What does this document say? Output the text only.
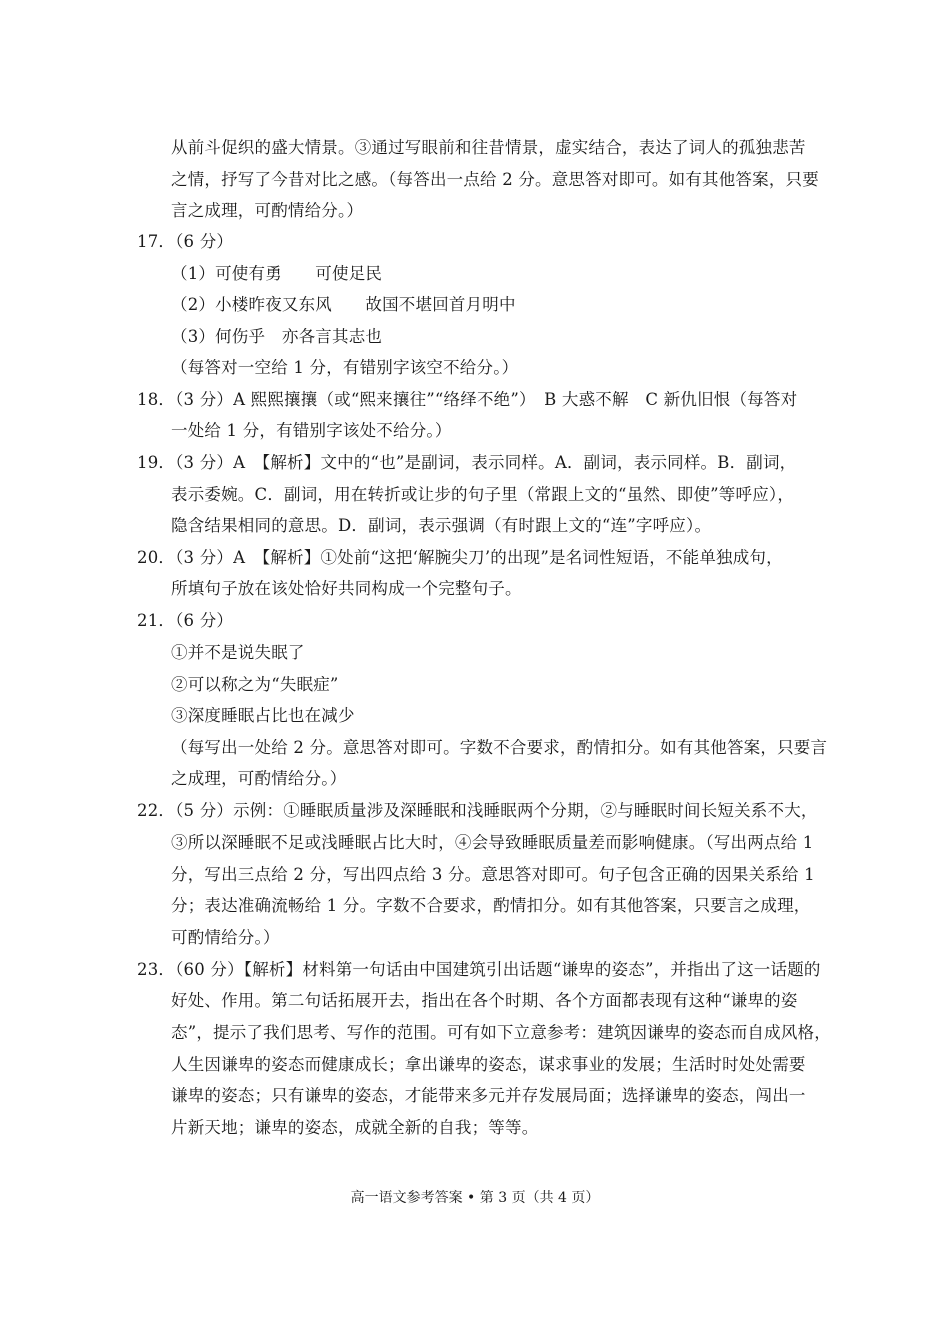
从前斗促织的盛大情景。③通过写眼前和往昔情景，虚实结合，表达了词人的孤独悲苦
之情，抒写了今昔对比之感。（每答出一点给 2 分。意思答对即可。如有其他答案，只要
言之成理，可酌情给分。）
17．（6 分）
（1）可使有勇　　可使足民
（2）小楼昨夜又东风　　故国不堪回首月明中
（3）何伤乎　亦各言其志也
（每答对一空给 1 分，有错别字该空不给分。）
18．（3 分）A 熙熙攘攘（或“熙来攘往”“络绎不绝”）　B 大惑不解　C 新仇旧恨（每答对
一处给 1 分，有错别字该处不给分。）
19．（3 分）A　【解析】文中的“也”是副词，表示同样。A．副词，表示同样。B．副词，
表示委婉。C．副词，用在转折或让步的句子里（常跟上文的“虽然、即使”等呼应），
隐含结果相同的意思。D．副词，表示强调（有时跟上文的“连”字呼应）。
20．（3 分）A　【解析】①处前“这把‘解腕尖刀’的出现”是名词性短语，不能单独成句，
所填句子放在该处恰好共同构成一个完整句子。
21．（6 分）
①并不是说失眠了
②可以称之为“失眠症”
③深度睡眠占比也在减少
（每写出一处给 2 分。意思答对即可。字数不合要求，酌情扣分。如有其他答案，只要言
之成理，可酌情给分。）
22．（5 分）示例：①睡眠质量涉及深睡眠和浅睡眠两个分期，②与睡眠时间长短关系不大，
③所以深睡眠不足或浅睡眠占比大时，④会导致睡眠质量差而影响健康。（写出两点给 1
分，写出三点给 2 分，写出四点给 3 分。意思答对即可。句子包含正确的因果关系给 1
分；表达准确流畅给 1 分。字数不合要求，酌情扣分。如有其他答案，只要言之成理，
可酌情给分。）
23．（60 分）【解析】材料第一句话由中国建筑引出话题“谦卑的姿态”，并指出了这一话题的
好处、作用。第二句话拓展开去，指出在各个时期、各个方面都表现有这种“谦卑的姿
态”，提示了我们思考、写作的范围。可有如下立意参考：建筑因谦卑的姿态而自成风格，
人生因谦卑的姿态而健康成长；拿出谦卑的姿态，谋求事业的发展；生活时时处处需要
谦卑的姿态；只有谦卑的姿态，才能带来多元并存发展局面；选择谦卑的姿态，闯出一
片新天地；谦卑的姿态，成就全新的自我；等等。
高一语文参考答案 • 第 3 页（共 4 页）
